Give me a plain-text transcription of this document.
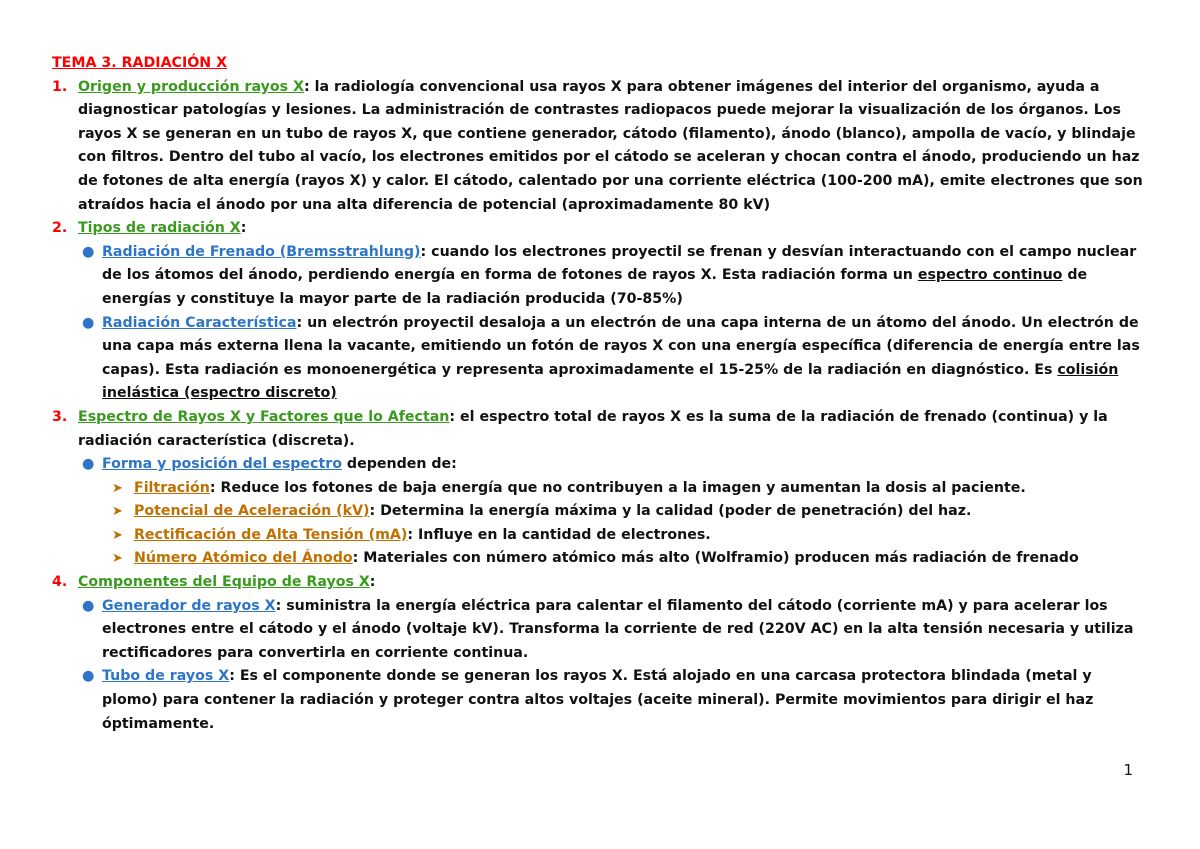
TEMA 3. RADIACIÓN X
1. Origen y producción rayos X: la radiología convencional usa rayos X para obtener imágenes del interior del organismo, ayuda a diagnosticar patologías y lesiones. La administración de contrastes radiopacos puede mejorar la visualización de los órganos. Los rayos X se generan en un tubo de rayos X, que contiene generador, cátodo (filamento), ánodo (blanco), ampolla de vacío, y blindaje con filtros. Dentro del tubo al vacío, los electrones emitidos por el cátodo se aceleran y chocan contra el ánodo, produciendo un haz de fotones de alta energía (rayos X) y calor. El cátodo, calentado por una corriente eléctrica (100-200 mA), emite electrones que son atraídos hacia el ánodo por una alta diferencia de potencial (aproximadamente 80 kV)
2. Tipos de radiación X:
● Radiación de Frenado (Bremsstrahlung): cuando los electrones proyectil se frenan y desvían interactuando con el campo nuclear de los átomos del ánodo, perdiendo energía en forma de fotones de rayos X. Esta radiación forma un espectro continuo de energías y constituye la mayor parte de la radiación producida (70-85%)
● Radiación Característica: un electrón proyectil desaloja a un electrón de una capa interna de un átomo del ánodo. Un electrón de una capa más externa llena la vacante, emitiendo un fotón de rayos X con una energía específica (diferencia de energía entre las capas). Esta radiación es monoenergética y representa aproximadamente el 15-25% de la radiación en diagnóstico. Es colisión inelástica (espectro discreto)
3. Espectro de Rayos X y Factores que lo Afectan: el espectro total de rayos X es la suma de la radiación de frenado (continua) y la radiación característica (discreta).
● Forma y posición del espectro dependen de:
➤ Filtración: Reduce los fotones de baja energía que no contribuyen a la imagen y aumentan la dosis al paciente.
➤ Potencial de Aceleración (kV): Determina la energía máxima y la calidad (poder de penetración) del haz.
➤ Rectificación de Alta Tensión (mA): Influye en la cantidad de electrones.
➤ Número Atómico del Ánodo: Materiales con número atómico más alto (Wolframio) producen más radiación de frenado
4. Componentes del Equipo de Rayos X:
● Generador de rayos X: suministra la energía eléctrica para calentar el filamento del cátodo (corriente mA) y para acelerar los electrones entre el cátodo y el ánodo (voltaje kV). Transforma la corriente de red (220V AC) en la alta tensión necesaria y utiliza rectificadores para convertirla en corriente continua.
● Tubo de rayos X: Es el componente donde se generan los rayos X. Está alojado en una carcasa protectora blindada (metal y plomo) para contener la radiación y proteger contra altos voltajes (aceite mineral). Permite movimientos para dirigir el haz óptimamente.
1
